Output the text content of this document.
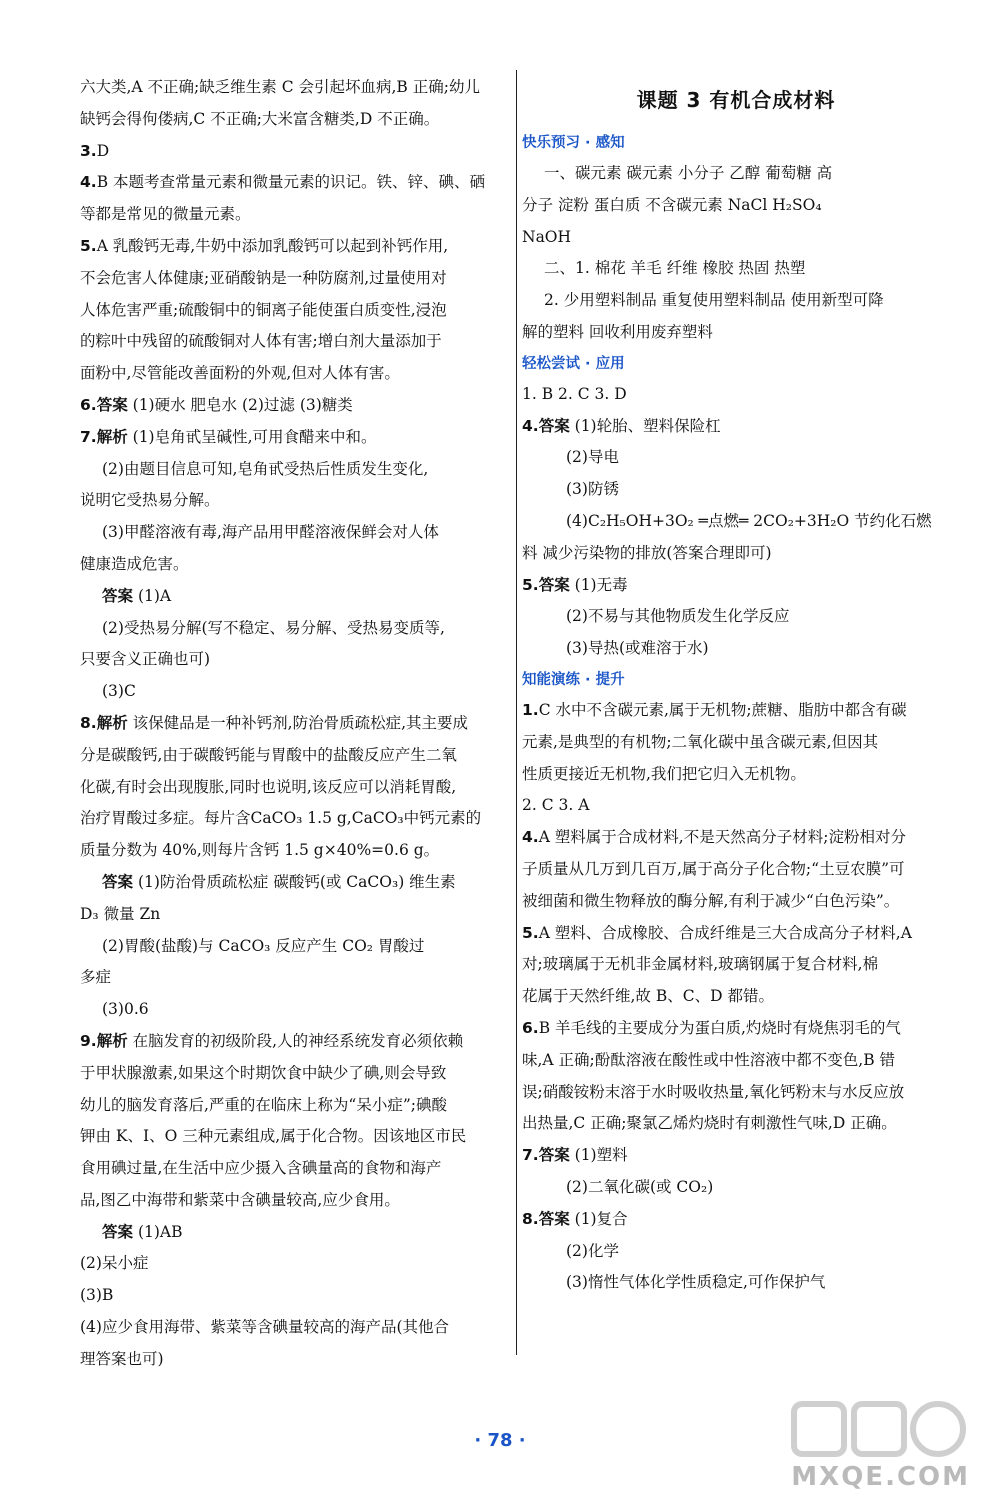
六大类,A 不正确;缺乏维生素 C 会引起坏血病,B 正确;幼儿
缺钙会得佝偻病,C 不正确;大米富含糖类,D 不正确。
3.D
4.B 本题考查常量元素和微量元素的识记。铁、锌、碘、硒
等都是常见的微量元素。
5.A 乳酸钙无毒,牛奶中添加乳酸钙可以起到补钙作用,
不会危害人体健康;亚硝酸钠是一种防腐剂,过量使用对
人体危害严重;硫酸铜中的铜离子能使蛋白质变性,浸泡
的粽叶中残留的硫酸铜对人体有害;增白剂大量添加于
面粉中,尽管能改善面粉的外观,但对人体有害。
6.答案 (1)硬水 肥皂水 (2)过滤 (3)糖类
7.解析 (1)皂角甙呈碱性,可用食醋来中和。
(2)由题目信息可知,皂角甙受热后性质发生变化,
说明它受热易分解。
(3)甲醛溶液有毒,海产品用甲醛溶液保鲜会对人体
健康造成危害。
答案 (1)A
(2)受热易分解(写不稳定、易分解、受热易变质等,
只要含义正确也可)
(3)C
8.解析 该保健品是一种补钙剂,防治骨质疏松症,其主要成
分是碳酸钙,由于碳酸钙能与胃酸中的盐酸反应产生二氧
化碳,有时会出现腹胀,同时也说明,该反应可以消耗胃酸,
治疗胃酸过多症。每片含CaCO₃ 1.5 g,CaCO₃中钙元素的
质量分数为 40%,则每片含钙 1.5 g×40%=0.6 g。
答案 (1)防治骨质疏松症 碳酸钙(或 CaCO₃) 维生素
D₃ 微量 Zn
(2)胃酸(盐酸)与 CaCO₃ 反应产生 CO₂ 胃酸过
多症
(3)0.6
9.解析 在脑发育的初级阶段,人的神经系统发育必须依赖
于甲状腺激素,如果这个时期饮食中缺少了碘,则会导致
幼儿的脑发育落后,严重的在临床上称为“呆小症”;碘酸
钾由 K、I、O 三种元素组成,属于化合物。因该地区市民
食用碘过量,在生活中应少摄入含碘量高的食物和海产
品,图乙中海带和紫菜中含碘量较高,应少食用。
答案 (1)AB
(2)呆小症
(3)B
(4)应少食用海带、紫菜等含碘量较高的海产品(其他合
理答案也可)
课题 3 有机合成材料
快乐预习 · 感知
一、碳元素 碳元素 小分子 乙醇 葡萄糖 高
分子 淀粉 蛋白质 不含碳元素 NaCl H₂SO₄
NaOH
二、1. 棉花 羊毛 纤维 橡胶 热固 热塑
2. 少用塑料制品 重复使用塑料制品 使用新型可降
解的塑料 回收利用废弃塑料
轻松尝试 · 应用
1. B 2. C 3. D
4.答案 (1)轮胎、塑料保险杠
(2)导电
(3)防锈
(4)C₂H₅OH+3O₂ ═点燃═ 2CO₂+3H₂O 节约化石燃
料 减少污染物的排放(答案合理即可)
5.答案 (1)无毒
(2)不易与其他物质发生化学反应
(3)导热(或难溶于水)
知能演练 · 提升
1.C 水中不含碳元素,属于无机物;蔗糖、脂肪中都含有碳
元素,是典型的有机物;二氧化碳中虽含碳元素,但因其
性质更接近无机物,我们把它归入无机物。
2. C 3. A
4.A 塑料属于合成材料,不是天然高分子材料;淀粉相对分
子质量从几万到几百万,属于高分子化合物;“土豆农膜”可
被细菌和微生物释放的酶分解,有利于减少“白色污染”。
5.A 塑料、合成橡胶、合成纤维是三大合成高分子材料,A
对;玻璃属于无机非金属材料,玻璃钢属于复合材料,棉
花属于天然纤维,故 B、C、D 都错。
6.B 羊毛线的主要成分为蛋白质,灼烧时有烧焦羽毛的气
味,A 正确;酚酞溶液在酸性或中性溶液中都不变色,B 错
误;硝酸铵粉末溶于水时吸收热量,氧化钙粉末与水反应放
出热量,C 正确;聚氯乙烯灼烧时有刺激性气味,D 正确。
7.答案 (1)塑料
(2)二氧化碳(或 CO₂)
8.答案 (1)复合
(2)化学
(3)惰性气体化学性质稳定,可作保护气
· 78 ·
MXQE.COM
